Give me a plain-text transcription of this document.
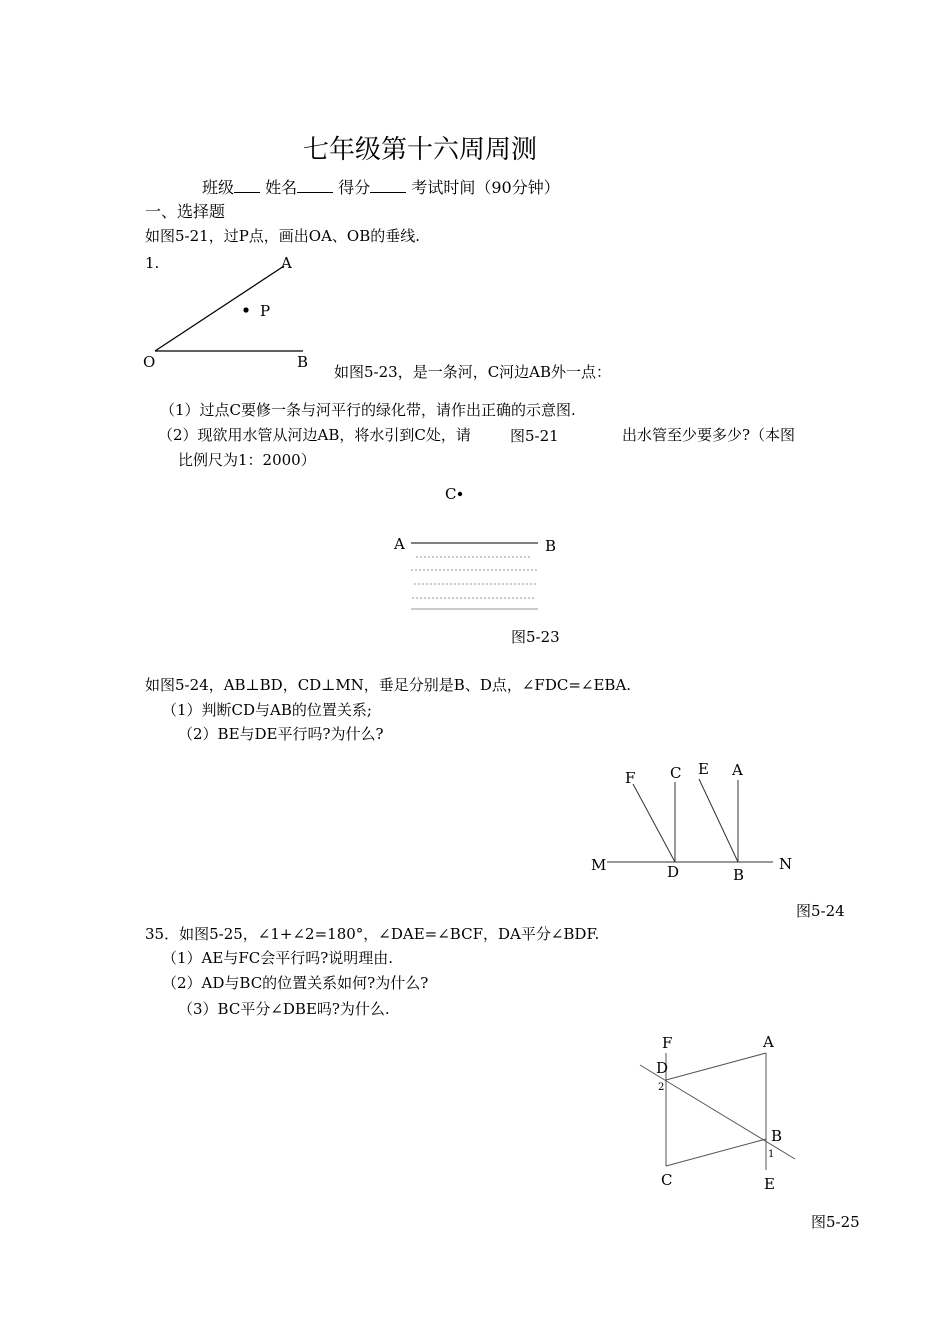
七年级第十六周周测
班级 姓名	得分	考试时间（90分钟）
一、选择题
如图5-21，过P点，画出OA、OB的垂线.
1.	A
O	B
P
C
A	B
F C E A
M	D	B
N
F	A
D
2
B
1
C	E
如图5-23，是一条河，C河边AB外一点：
（1）过点C要修一条与河平行的绿化带，请作出正确的示意图.
（2）现欲用水管从河边AB，将水引到C处，请	图5-21	出水管至少要多少?（本图
比例尺为1：2000）
图5-23
如图5-24，AB⊥BD，CD⊥MN，垂足分别是B、D点，∠FDC=∠EBA.
（1）判断CD与AB的位置关系;
（2）BE与DE平行吗?为什么?
图5-24
35．如图5-25，∠1+∠2=180°，∠DAE=∠BCF，DA平分∠BDF.
（1）AE与FC会平行吗?说明理由.
（2）AD与BC的位置关系如何?为什么?
（3）BC平分∠DBE吗?为什么.
图5-25
